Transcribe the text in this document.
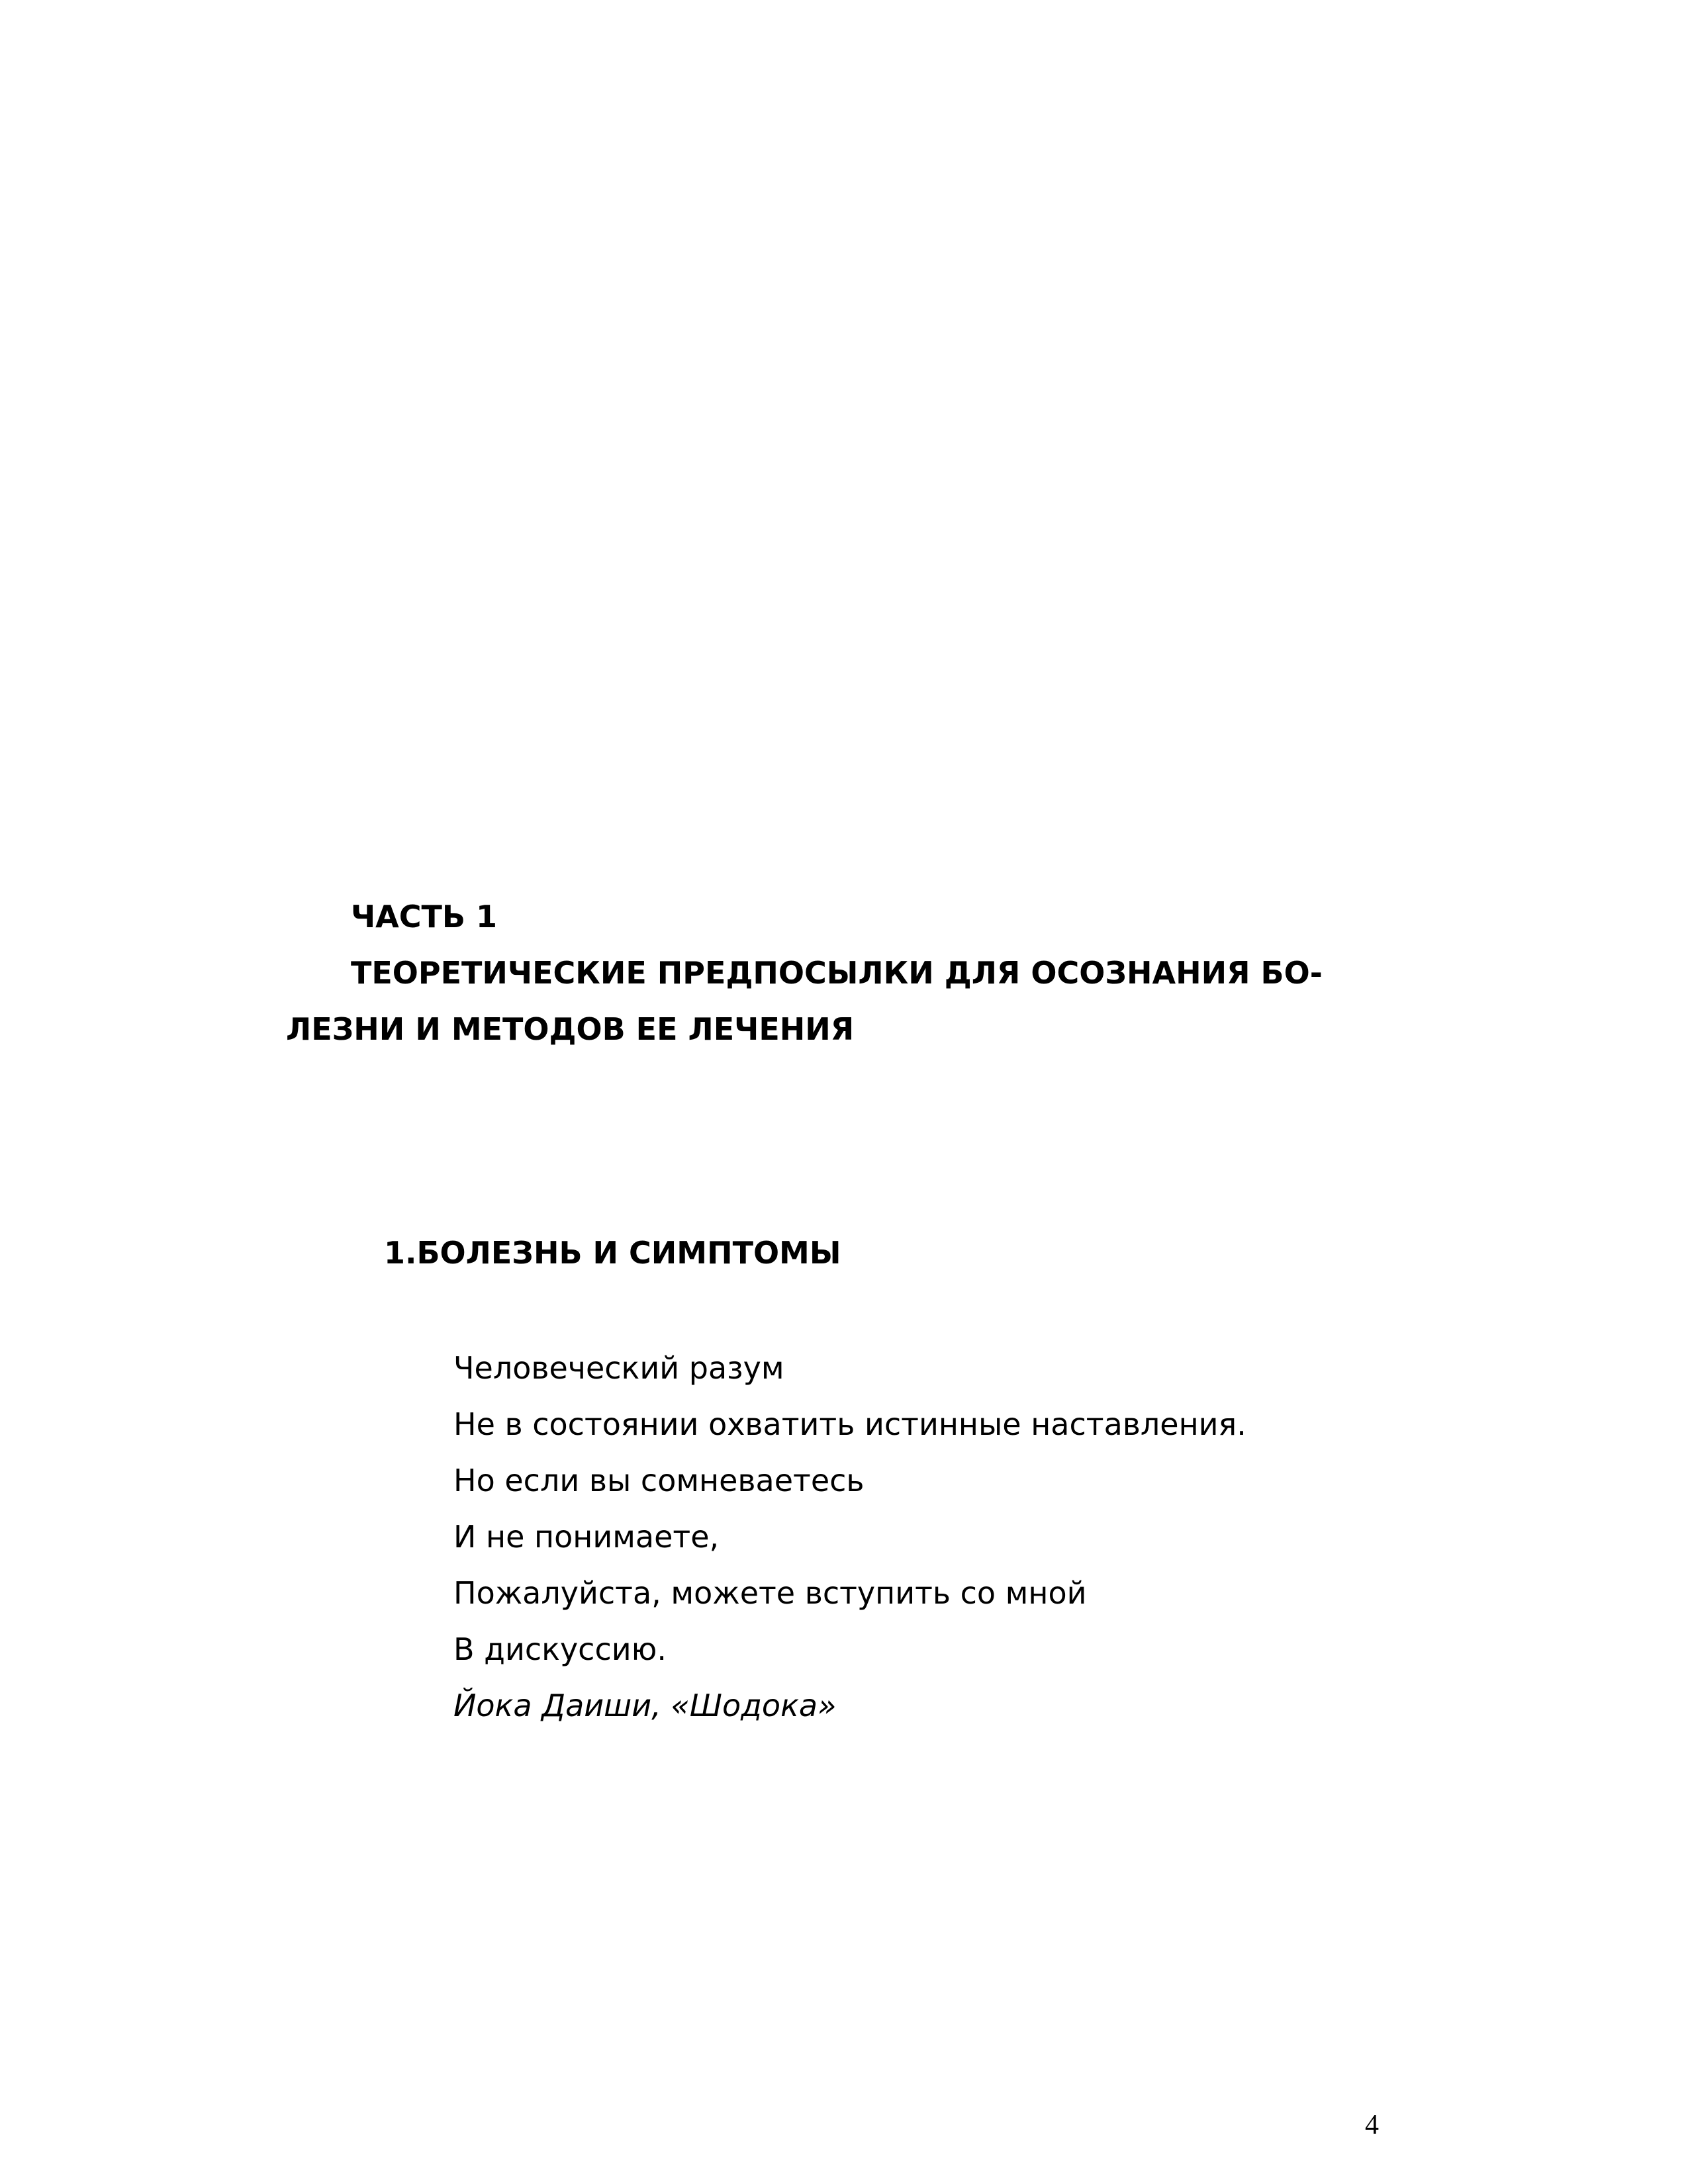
ЧАСТЬ 1
ТЕОРЕТИЧЕСКИЕ ПРЕДПОСЫЛКИ ДЛЯ ОСОЗНАНИЯ БО-
ЛЕЗНИ И МЕТОДОВ ЕЕ ЛЕЧЕНИЯ
1.БОЛЕЗНЬ И СИМПТОМЫ
Человеческий разум
Не в состоянии охватить истинные наставления.
Но если вы сомневаетесь
И не понимаете,
Пожалуйста, можете вступить со мной
В дискуссию.
Йока Даиши, «Шодока»

4
